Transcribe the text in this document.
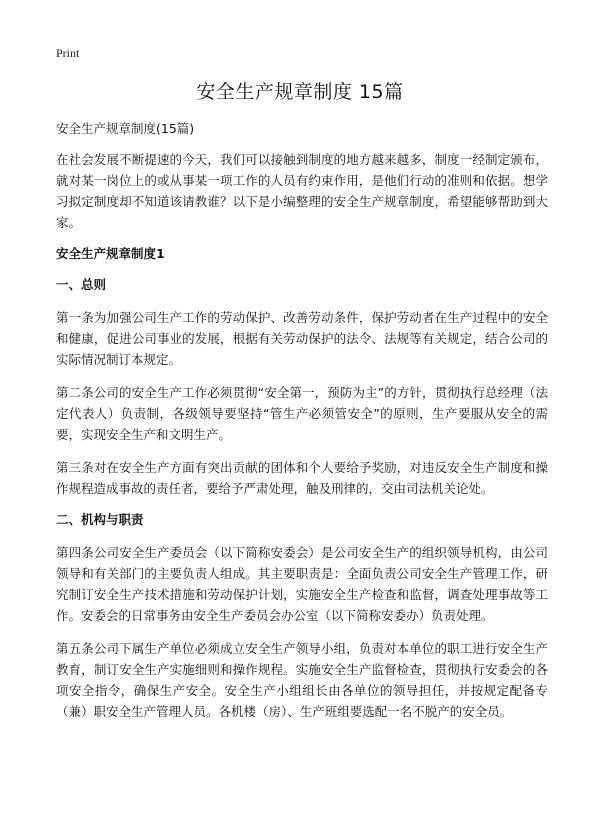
Print
安全生产规章制度 15篇
安全生产规章制度(15篇)

在社会发展不断提速的今天，我们可以接触到制度的地方越来越多，制度一经制定颁布，就对某一岗位上的或从事某一项工作的人员有约束作用，是他们行动的准则和依据。想学习拟定制度却不知道该请教谁？以下是小编整理的安全生产规章制度，希望能够帮助到大家。

安全生产规章制度1
一、总则

第一条为加强公司生产工作的劳动保护、改善劳动条件，保护劳动者在生产过程中的安全和健康，促进公司事业的发展，根据有关劳动保护的法令、法规等有关规定，结合公司的实际情况制订本规定。

第二条公司的安全生产工作必须贯彻“安全第一，预防为主”的方针，贯彻执行总经理（法定代表人）负责制，各级领导要坚持“管生产必须管安全”的原则，生产要服从安全的需要，实现安全生产和文明生产。

第三条对在安全生产方面有突出贡献的团体和个人要给予奖励，对违反安全生产制度和操作规程造成事故的责任者，要给予严肃处理，触及刑律的，交由司法机关论处。

二、机构与职责

第四条公司安全生产委员会（以下简称安委会）是公司安全生产的组织领导机构，由公司领导和有关部门的主要负责人组成。其主要职责是：全面负责公司安全生产管理工作，研究制订安全生产技术措施和劳动保护计划，实施安全生产检查和监督，调查处理事故等工作。安委会的日常事务由安全生产委员会办公室（以下简称安委办）负责处理。

第五条公司下属生产单位必须成立安全生产领导小组，负责对本单位的职工进行安全生产教育，制订安全生产实施细则和操作规程。实施安全生产监督检查，贯彻执行安委会的各项安全指令，确保生产安全。安全生产小组组长由各单位的领导担任，并按规定配备专（兼）职安全生产管理人员。各机楼（房）、生产班组要选配一名不脱产的安全员。
